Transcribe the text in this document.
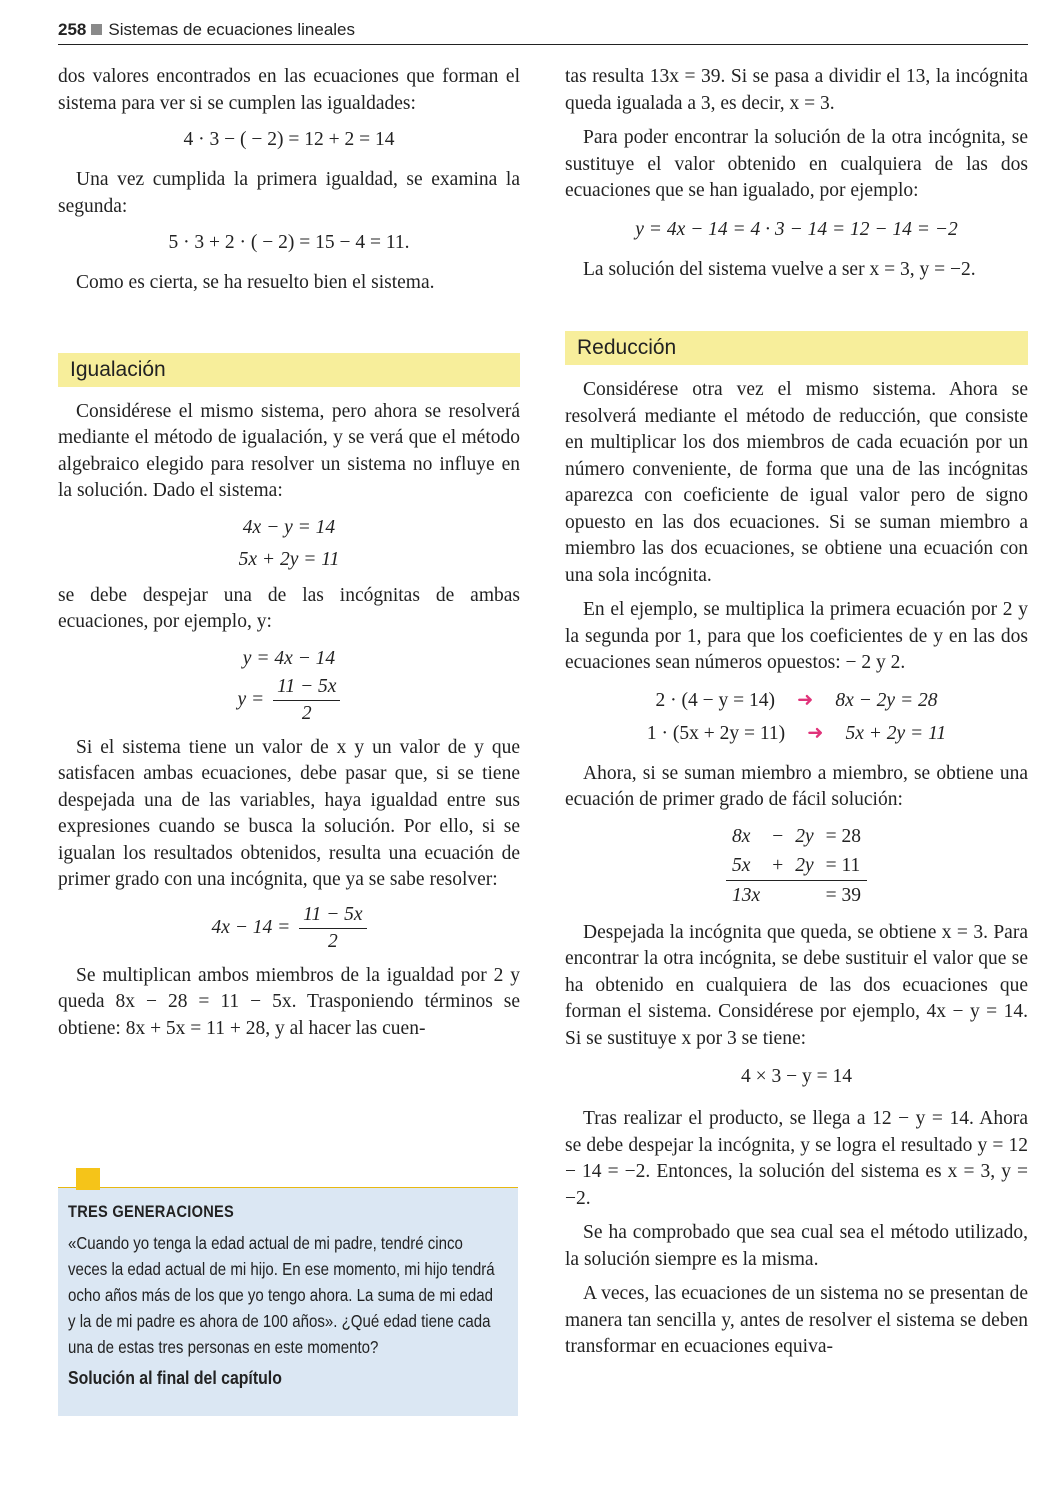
258 Sistemas de ecuaciones lineales

dos valores encontrados en las ecuaciones que forman el sistema para ver si se cumplen las igualdades:

4 · 3 − ( − 2) = 12 + 2 = 14

Una vez cumplida la primera igualdad, se examina la segunda:

5 · 3 + 2 · ( − 2) = 15 − 4 = 11.

Como es cierta, se ha resuelto bien el sistema.

Igualación

Considérese el mismo sistema, pero ahora se resolverá mediante el método de igualación, y se verá que el método algebraico elegido para resolver un sistema no influye en la solución. Dado el sistema:

4x − y = 14
5x + 2y = 11

se debe despejar una de las incógnitas de ambas ecuaciones, por ejemplo, y:

y = 4x − 14
$y = \frac{11 - 5x}{2}$

Si el sistema tiene un valor de x y un valor de y que satisfacen ambas ecuaciones, debe pasar que, si se tiene despejada una de las variables, haya igualdad entre sus expresiones cuando se busca la solución. Por ello, si se igualan los resultados obtenidos, resulta una ecuación de primer grado con una incógnita, que ya se sabe resolver:

$4x - 14 = \frac{11 - 5x}{2}$

Se multiplican ambos miembros de la igualdad por 2 y queda 8x − 28 = 11 − 5x. Trasponiendo términos se obtiene: 8x + 5x = 11 + 28, y al hacer las cuen-

TRES GENERACIONES

«Cuando yo tenga la edad actual de mi padre, tendré cinco veces la edad actual de mi hijo. En ese momento, mi hijo tendrá ocho años más de los que yo tengo ahora. La suma de mi edad y la de mi padre es ahora de 100 años». ¿Qué edad tiene cada una de estas tres personas en este momento?

Solución al final del capítulo

tas resulta 13x = 39. Si se pasa a dividir el 13, la incógnita queda igualada a 3, es decir, x = 3.

Para poder encontrar la solución de la otra incógnita, se sustituye el valor obtenido en cualquiera de las dos ecuaciones que se han igualado, por ejemplo:

y = 4x − 14 = 4 · 3 − 14 = 12 − 14 = −2

La solución del sistema vuelve a ser x = 3, y = −2.

Reducción

Considérese otra vez el mismo sistema. Ahora se resolverá mediante el método de reducción, que consiste en multiplicar los dos miembros de cada ecuación por un número conveniente, de forma que una de las incógnitas aparezca con coeficiente de igual valor pero de signo opuesto en las dos ecuaciones. Si se suman miembro a miembro las dos ecuaciones, se obtiene una ecuación con una sola incógnita.

En el ejemplo, se multiplica la primera ecuación por 2 y la segunda por 1, para que los coeficientes de y en las dos ecuaciones sean números opuestos: − 2 y 2.

2 · (4 − y = 14) ➜ 8x − 2y = 28
1 · (5x + 2y = 11) ➜ 5x + 2y = 11

Ahora, si se suman miembro a miembro, se obtiene una ecuación de primer grado de fácil solución:

8x	−	2y	= 28
5x	+	2y	= 11
13x			= 39

Despejada la incógnita que queda, se obtiene x = 3. Para encontrar la otra incógnita, se debe sustituir el valor que se ha obtenido en cualquiera de las dos ecuaciones que forman el sistema. Considérese por ejemplo, 4x − y = 14. Si se sustituye x por 3 se tiene:

4 × 3 − y = 14

Tras realizar el producto, se llega a 12 − y = 14. Ahora se debe despejar la incógnita, y se logra el resultado y = 12 − 14 = −2. Entonces, la solución del sistema es x = 3, y = −2.

Se ha comprobado que sea cual sea el método utilizado, la solución siempre es la misma.

A veces, las ecuaciones de un sistema no se presentan de manera tan sencilla y, antes de resolver el sistema se deben transformar en ecuaciones equiva-
